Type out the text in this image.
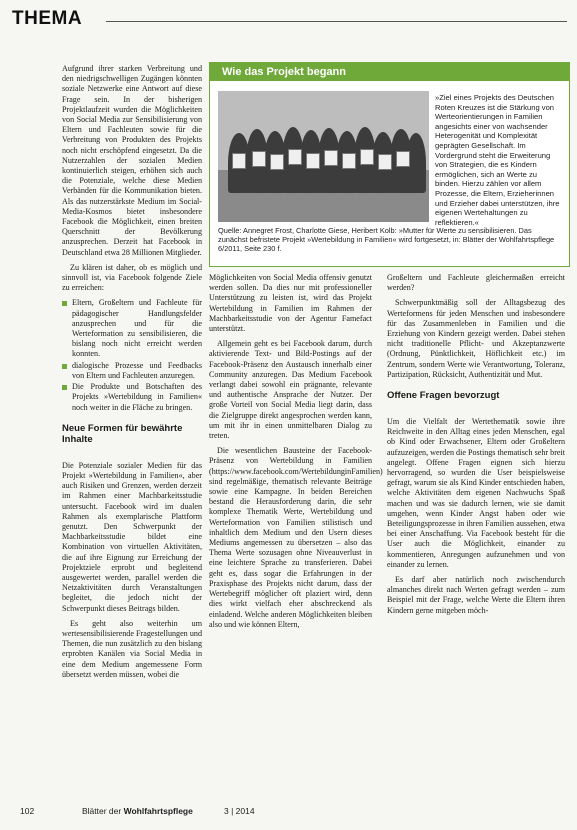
THEMA

Aufgrund ihrer starken Verbreitung und den niedrigschwelligen Zugängen könnten soziale Netzwerke eine Antwort auf diese Frage sein. In der bisherigen Projektlaufzeit wurden die Möglichkeiten von Social Media zur Sensibilisierung von Eltern und Fachleuten sowie für die Verbreitung von Produkten des Projekts noch nicht erschöpfend eingesetzt. Da die Nutzerzahlen der sozialen Medien kontinuierlich steigen, erhöhen sich auch die Potenziale, welche diese Medien Verbänden für die Kommunikation bieten. Als das nutzerstärkste Medium im Social-Media-Kosmos bietet insbesondere Facebook die Möglichkeit, einen breiten Querschnitt der Bevölkerung anzusprechen. Derzeit hat Facebook in Deutschland etwa 28 Millionen Mitglieder.

Zu klären ist daher, ob es möglich und sinnvoll ist, via Facebook folgende Ziele zu erreichen:

Eltern, Großeltern und Fachleute für pädagogischer Handlungsfelder anzusprechen und für die Werteformation zu sensibilisieren, die bislang noch nicht erreicht werden konnten.
dialogische Prozesse und Feedbacks von Eltern und Fachleuten anzuregen.
Die Produkte und Botschaften des Projekts »Wertebildung in Familien« noch weiter in die Fläche zu bringen.
Neue Formen für bewährte Inhalte

Die Potenziale sozialer Medien für das Projekt »Wertebildung in Familien«, aber auch Risiken und Grenzen, werden derzeit im Rahmen einer Machbarkeitsstudie untersucht. Facebook wird im dualen Rahmen als exemplarische Plattform genutzt. Den Schwerpunkt der Machbarkeitsstudie bildet eine Kombination von virtuellen Aktivitäten, die auf ihre Eignung zur Erreichung der Projektziele erprobt und begleitend ausgewertet werden, parallel werden die Netzaktivitäten durch Veranstaltungen begleitet, die jedoch nicht der Schwerpunkt dieses Beitrags bilden.

Es geht also weiterhin um wertesensibilisierende Fragestellungen und Themen, die nun zusätzlich zu den bislang erprobten Kanälen via Social Media in eine dem Medium angemessene Form übersetzt werden müssen, wobei die

Wie das Projekt begann
»Ziel eines Projekts des Deutschen Roten Kreuzes ist die Stärkung von Werteorientierungen in Familien angesichts einer von wachsender Heterogenität und Komplexität geprägten Gesellschaft. Im Vordergrund steht die Erweiterung von Strategien, die es Kindern ermöglichen, sich an Werte zu binden. Hierzu zählen vor allem Prozesse, die Eltern, Erzieherinnen und Erzieher dabei unterstützen, ihre eigenen Wertehaltungen zu reflektieren.«
Quelle: Annegret Frost, Charlotte Giese, Heribert Kolb: »Mutter für Werte zu sensibilisieren. Das zunächst befristete Projekt »Wertebildung in Familien« wird fortgesetzt, in: Blätter der Wohlfahrtspflege 6/2011, Seite 230 f.

Möglichkeiten von Social Media offensiv genutzt werden sollen. Da dies nur mit professioneller Unterstützung zu leisten ist, wird das Projekt Wertebildung in Familien im Rahmen der Machbarkeitsstudie von der Agentur Famefact unterstützt.

Allgemein geht es bei Facebook darum, durch aktivierende Text- und Bild-Postings auf der Facebook-Präsenz den Austausch innerhalb einer Community anzuregen. Das Medium Facebook verlangt dabei sowohl ein prägnante, relevante und authentische Ansprache der Nutzer. Der große Vorteil von Social Media liegt darin, dass die Zielgruppe direkt angesprochen werden kann, um mit ihr in einen unmittelbaren Dialog zu treten.

Die wesentlichen Bausteine der Facebook-Präsenz von Wertebildung in Familien (https://www.facebook.com/WertebildunginFamilien) sind regelmäßige, thematisch relevante Beiträge sowie eine Kampagne. In beiden Bereichen bestand die Herausforderung darin, die sehr komplexe Thematik Werte, Wertebildung und Werteformation von Familien stilistisch und inhaltlich dem Medium und den Usern dieses Mediums angemessen zu übersetzen – also das Thema Werte sozusagen ohne Niveauverlust in eine leichtere Sprache zu transferieren. Dabei geht es, dass sogar die Erfahrungen in der Praxisphase des Projekts nicht darum, dass der Wertebegriff möglicher oft plaziert wird, denn dies wirkt vielfach eher abschreckend als einladend. Welche anderen Möglichkeiten bleiben also und wie können Eltern,

Großeltern und Fachleute gleichermaßen erreicht werden?

Schwerpunktmäßig soll der Alltagsbezug des Werteformens für jeden Menschen und insbesondere für das Zusammenleben in Familien und die Erziehung von Kindern gezeigt werden. Dabei stehen nicht traditionelle Pflicht- und Akzeptanzwerte (Ordnung, Pünktlichkeit, Höflichkeit etc.) im Zentrum, sondern Werte wie Verantwortung, Toleranz, Partizipation, Rücksicht, Authentizität und Mut.

Offene Fragen bevorzugt

Um die Vielfalt der Wertethematik sowie ihre Reichweite in den Alltag eines jeden Menschen, egal ob Kind oder Erwachsener, Eltern oder Großeltern aufzuzeigen, werden die Postings thematisch sehr breit angelegt. Offene Fragen eignen sich hierzu hervorragend, so wurden die User beispielsweise gefragt, warum sie als Kind Kinder entschieden haben, welche Aktivitäten dem eigenen Nachwuchs Spaß machen und was sie dadurch lernen, wie sie damit umgehen, wenn Kinder Angst haben oder wie Beteiligungsprozesse in ihren Familien aussehen, etwa bei einer Anschaffung. Via Facebook besteht für die User auch die Möglichkeit, einander zu kommentieren, Anregungen aufzunehmen und von einander zu lernen.

Es darf aber natürlich noch zwischendurch almanches direkt nach Werten gefragt werden – zum Beispiel mit der Frage, welche Werte die Eltern ihren Kindern gerne mitgeben möch-

102	Blätter der Wohlfahrtspflege	3 | 2014
